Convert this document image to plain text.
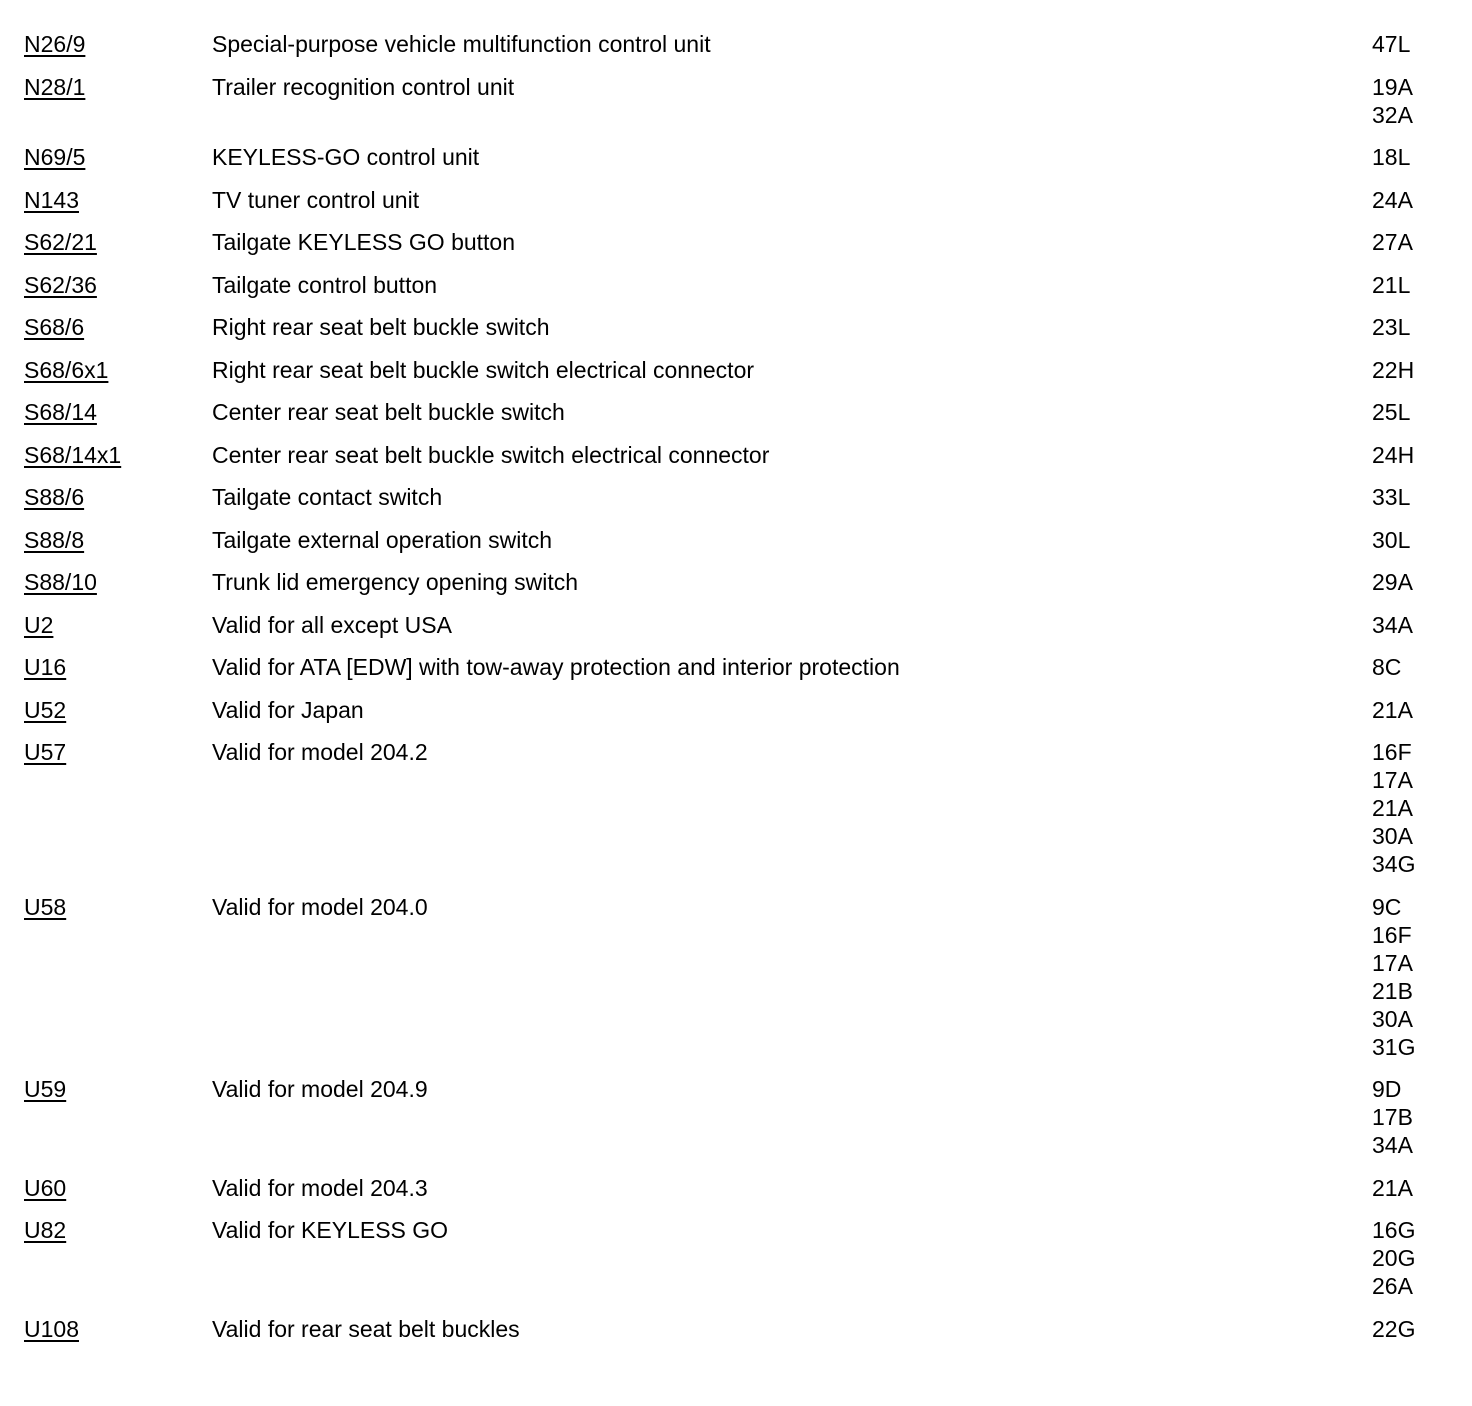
N26/9	Special-purpose vehicle multifunction control unit	47L
N28/1	Trailer recognition control unit	19A
32A
N69/5	KEYLESS-GO control unit	18L
N143	TV tuner control unit	24A
S62/21	Tailgate KEYLESS GO button	27A
S62/36	Tailgate control button	21L
S68/6	Right rear seat belt buckle switch	23L
S68/6x1	Right rear seat belt buckle switch electrical connector	22H
S68/14	Center rear seat belt buckle switch	25L
S68/14x1	Center rear seat belt buckle switch electrical connector	24H
S88/6	Tailgate contact switch	33L
S88/8	Tailgate external operation switch	30L
S88/10	Trunk lid emergency opening switch	29A
U2	Valid for all except USA	34A
U16	Valid for ATA [EDW] with tow-away protection and interior protection	8C
U52	Valid for Japan	21A
U57	Valid for model 204.2	16F
17A
21A
30A
34G
U58	Valid for model 204.0	9C
16F
17A
21B
30A
31G
U59	Valid for model 204.9	9D
17B
34A
U60	Valid for model 204.3	21A
U82	Valid for KEYLESS GO	16G
20G
26A
U108	Valid for rear seat belt buckles	22G
